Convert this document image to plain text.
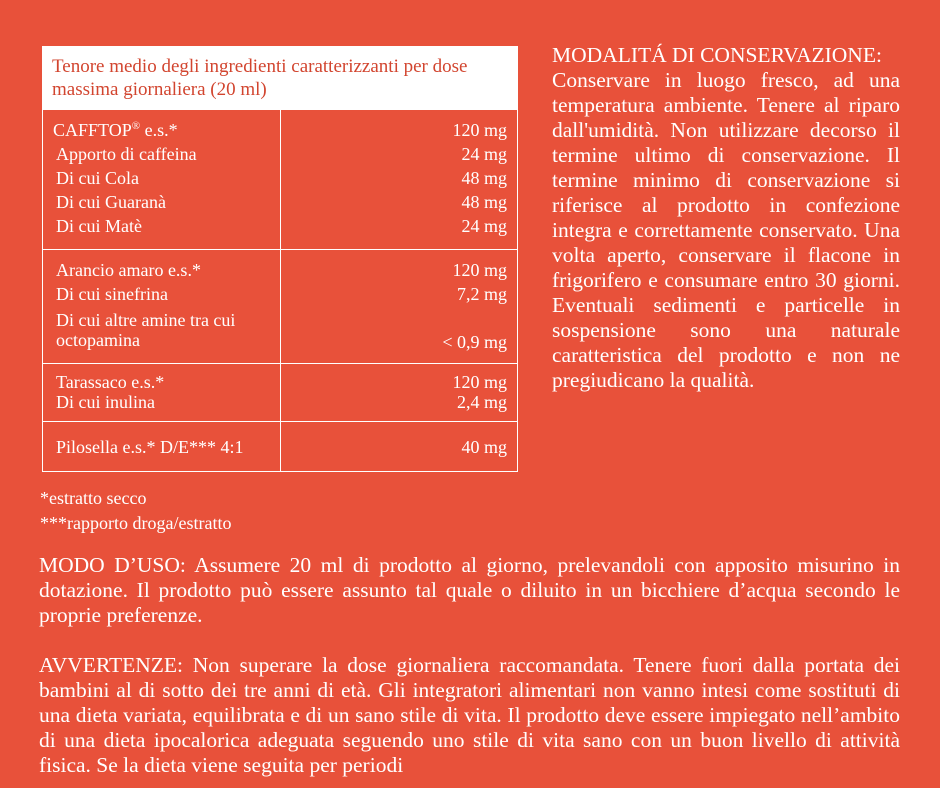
Tenore medio degli ingredienti caratterizzanti per dose massima giornaliera (20 ml)
CAFFTOP® e.s.*
Apporto di caffeina
Di cui Cola
Di cui Guaranà
Di cui Matè
120 mg
24 mg
48 mg
48 mg
24 mg
Arancio amaro e.s.*
Di cui sinefrina
Di cui altre amine tra cui
octopamina
120 mg
7,2 mg
< 0,9 mg
Tarassaco e.s.*
Di cui inulina
120 mg
2,4 mg
Pilosella e.s.* D/E*** 4:1	40 mg
*estratto secco
***rapporto droga/estratto
MODALITÁ DI CONSERVAZIONE:
Conservare in luogo fresco, ad una temperatura ambiente. Tenere al riparo dall'umidità. Non utilizzare decorso il termine ultimo di conservazione. Il termine minimo di conservazione si riferisce al prodotto in confezione integra e correttamente conservato. Una volta aperto, conservare il flacone in frigorifero e consumare entro 30 giorni. Eventuali sedimenti e particelle in sospensione sono una naturale caratteristica del prodotto e non ne pregiudicano la qualità.
MODO D’USO: Assumere 20 ml di prodotto al giorno, prelevandoli con apposito misurino in dotazione. Il prodotto può essere assunto tal quale o diluito in un bicchiere d’acqua secondo le proprie preferenze.
AVVERTENZE: Non superare la dose giornaliera raccomandata. Tenere fuori dalla portata dei bambini al di sotto dei tre anni di età. Gli integratori alimentari non vanno intesi come sostituti di una dieta variata, equilibrata e di un sano stile di vita. Il prodotto deve essere impiegato nell’ambito di una dieta ipocalorica adeguata seguendo uno stile di vita sano con un buon livello di attività fisica. Se la dieta viene seguita per periodi
